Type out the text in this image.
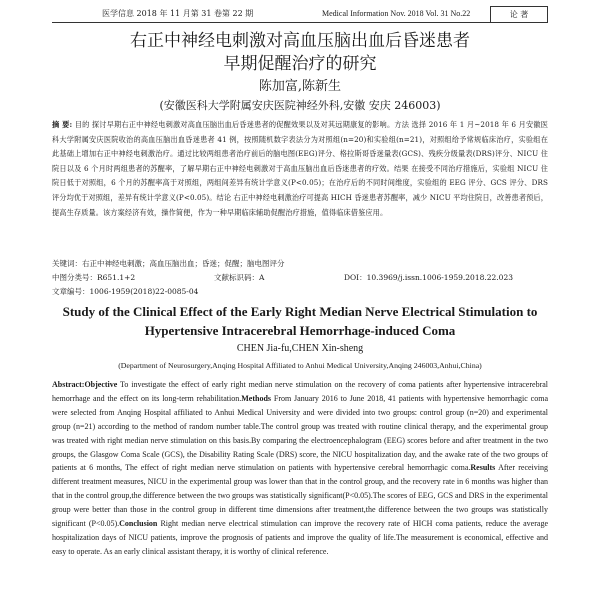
医学信息 2018 年 11 月第 31 卷第 22 期	Medical Information Nov. 2018 Vol. 31 No.22	论 著
右正中神经电刺激对高血压脑出血后昏迷患者
早期促醒治疗的研究
陈加富,陈新生
(安徽医科大学附属安庆医院神经外科,安徽 安庆 246003)
摘 要: 目的 探讨早期右正中神经电刺激对高血压脑出血后昏迷患者的促醒效果以及对其远期康复的影响。方法 选择 2016 年 1 月~2018 年 6 月安徽医科大学附属安庆医院收治的高血压脑出血昏迷患者 41 例，按照随机数字表法分为对照组(n=20)和实验组(n=21)，对照组给予常规临床治疗，实验组在此基础上增加右正中神经电刺激治疗。通过比较两组患者治疗前后的脑电图(EEG)评分、格拉斯哥昏迷量表(GCS)、残疾分级量表(DRS)评分、NICU 住院日以及 6 个月时两组患者的苏醒率，了解早期右正中神经电刺激对于高血压脑出血后昏迷患者的疗效。结果 在接受不同治疗措施后，实验组 NICU 住院日低于对照组，6 个月的苏醒率高于对照组，两组间差异有统计学意义(P<0.05)；在治疗后的不同时间维度，实验组的 EEG 评分、GCS 评分、DRS 评分均优于对照组，差异有统计学意义(P<0.05)。结论 右正中神经电刺激治疗可提高 HICH 昏迷患者苏醒率，减少 NICU 平均住院日，改善患者预后，提高生存质量。该方案经济有效，操作简便，作为一种早期临床辅助促醒治疗措施，值得临床借鉴应用。
关键词：右正中神经电刺激；高血压脑出血；昏迷；促醒；脑电图评分
中图分类号：R651.1+2	文献标识码：A	DOI：10.3969/j.issn.1006-1959.2018.22.023
文章编号：1006-1959(2018)22-0085-04
Study of the Clinical Effect of the Early Right Median Nerve Electrical Stimulation to
Hypertensive Intracerebral Hemorrhage-induced Coma
CHEN Jia-fu,CHEN Xin-sheng
(Department of Neurosurgery,Anqing Hospital Affiliated to Anhui Medical University,Anqing 246003,Anhui,China)
Abstract:Objective To investigate the effect of early right median nerve stimulation on the recovery of coma patients after hypertensive intracerebral hemorrhage and the effect on its long-term rehabilitation.Methods From January 2016 to June 2018, 41 patients with hypertensive hemorrhagic coma were selected from Anqing Hospital affiliated to Anhui Medical University and were divided into two groups: control group (n=20) and experimental group (n=21) according to the method of random number table.The control group was treated with routine clinical therapy, and the experimental group was treated with right median nerve stimulation on this basis.By comparing the electroencephalogram (EEG) scores before and after treatment in the two groups, the Glasgow Coma Scale (GCS), the Disability Rating Scale (DRS) score, the NICU hospitalization day, and the awake rate of the two groups of patients at 6 months, The effect of right median nerve stimulation on patients with hypertensive cerebral hemorrhagic coma.Results After receiving different treatment measures, NICU in the experimental group was lower than that in the control group, and the recovery rate in 6 months was higher than that in the control group,the difference between the two groups was statistically significant(P<0.05).The scores of EEG, GCS and DRS in the experimental group were better than those in the control group in different time dimensions after treatment,the difference between the two groups was statistically significant (P<0.05).Conclusion Right median nerve electrical stimulation can improve the recovery rate of HICH coma patients, reduce the average hospitalization days of NICU patients, improve the prognosis of patients and improve the quality of life.The measurement is economical, effective and easy to operate. As an early clinical assistant therapy, it is worthy of clinical reference.
